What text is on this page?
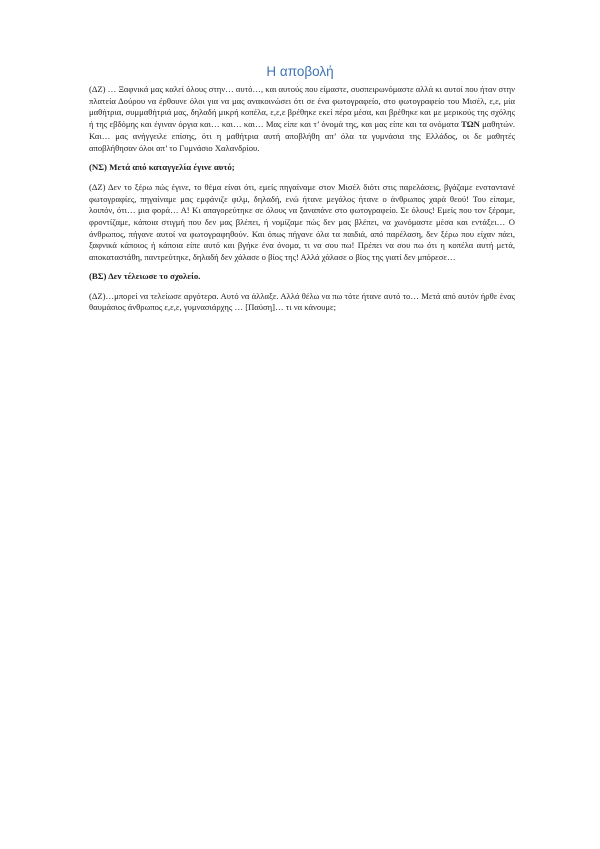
Η αποβολή

(ΔΖ) … Ξαφνικά μας καλεί όλους στην… αυτό…, και αυτούς που είμαστε, συσπειρωνόμαστε αλλά κι αυτοί που ήταν στην πλατεία Δούρου να έρθουνε όλοι για να μας ανακοινώσει ότι σε ένα φωτογραφείο, στο φωτογραφείο του Μισέλ, ε,ε, μία μαθήτρια, συμμαθήτριά μας, δηλαδή μικρή κοπέλα, ε,ε,ε βρέθηκε εκεί πέρα μέσα, και βρέθηκε και με μερικούς της σχόλης ή της εβδόμης και έγιναν όργια και… και… και… Μας είπε και τ’ όνομά της, και μας είπε και τα ονόματα ΤΩΝ μαθητών. Και… μας ανήγγειλε επίσης, ότι η μαθήτρια αυτή αποβλήθη απ’ όλα τα γυμνάσια της Ελλάδος, οι δε μαθητές αποβλήθησαν όλοι απ’ το Γυμνάσιο Χαλανδρίου.

(ΝΣ) Μετά από καταγγελία έγινε αυτό;

(ΔΖ) Δεν το ξέρω πώς έγινε, το θέμα είναι ότι, εμείς πηγαίναμε στον Μισέλ διότι στις παρελάσεις, βγάζαμε ενσταντανέ φωτογραφίες, πηγαίναμε μας εμφάνιζε φιλμ, δηλαδή, ενώ ήτανε μεγάλος ήτανε ο άνθρωπος χαρά θεού! Του είπαμε, λοιπόν, ότι… μια φορά… Α! Κι απαγορεύτηκε σε όλους να ξαναπάνε στο φωτογραφείο. Σε όλους! Εμείς που τον ξέραμε, φροντίζαμε, κάποια στιγμή που δεν μας βλέπει, ή νομίζαμε πώς δεν μας βλέπει, να χωνόμαστε μέσα και εντάξει… Ο άνθρωπος, πήγανε αυτοί να φωτογραφηθούν. Και όπως πήγανε όλα τα παιδιά, από παρέλαση, δεν ξέρω που είχαν πάει, ξαφνικά κάποιος ή κάποια είπε αυτό και βγήκε ένα όνομα, τι να σου πω! Πρέπει να σου πω ότι η κοπέλα αυτή μετά, αποκαταστάθη, παντρεύτηκε, δηλαδή δεν χάλασε ο βίος της! Αλλά χάλασε ο βίος της γιατί δεν μπόρεσε…

(ΒΣ) Δεν τέλειωσε το σχολείο.

(ΔΖ)…μπορεί να τελείωσε αργότερα. Αυτό να άλλαξε. Αλλά θέλω να πω τότε ήτανε αυτό το… Μετά από αυτόν ήρθε ένας θαυμάσιος άνθρωπος ε,ε,ε, γυμνασιάρχης … [Παύση]… τι να κάνουμε;
